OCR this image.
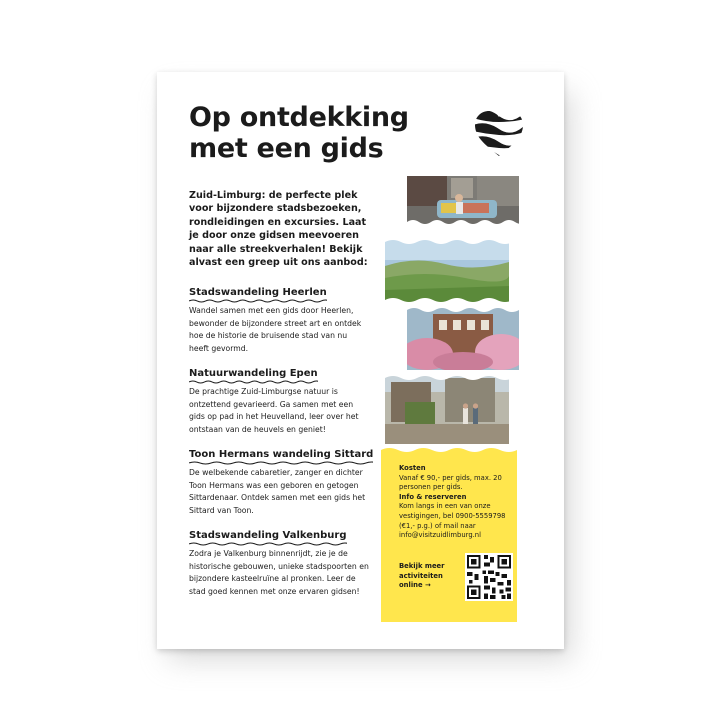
Op ontdekking
met een gids
Zuid-Limburg: de perfecte plek voor bijzondere stadsbezoeken, rondleidingen en excursies. Laat je door onze gidsen meevoeren naar alle streekverhalen! Bekijk alvast een greep uit ons aanbod:
Stadswandeling Heerlen

Wandel samen met een gids door Heerlen, bewonder de bijzondere street art en ontdek hoe de historie de bruisende stad van nu heeft gevormd.

Natuurwandeling Epen

De prachtige Zuid-Limburgse natuur is ontzettend gevarieerd. Ga samen met een gids op pad in het Heuvelland, leer over het ontstaan van de heuvels en geniet!

Toon Hermans wandeling Sittard

De welbekende cabaretier, zanger en dichter Toon Hermans was een geboren en getogen Sittardenaar. Ontdek samen met een gids het Sittard van Toon.

Stadswandeling Valkenburg

Zodra je Valkenburg binnenrijdt, zie je de historische gebouwen, unieke stadspoorten en bijzondere kasteelruïne al pronken. Leer de stad goed kennen met onze ervaren gidsen!

Kosten
Vanaf € 90,- per gids, max. 20 personen per gids.
Info & reserveren
Kom langs in een van onze vestigingen, bel 0900-5559798 (€1,- p.g.) of mail naar info@visitzuidlimburg.nl
Bekijk meer activiteiten online →
